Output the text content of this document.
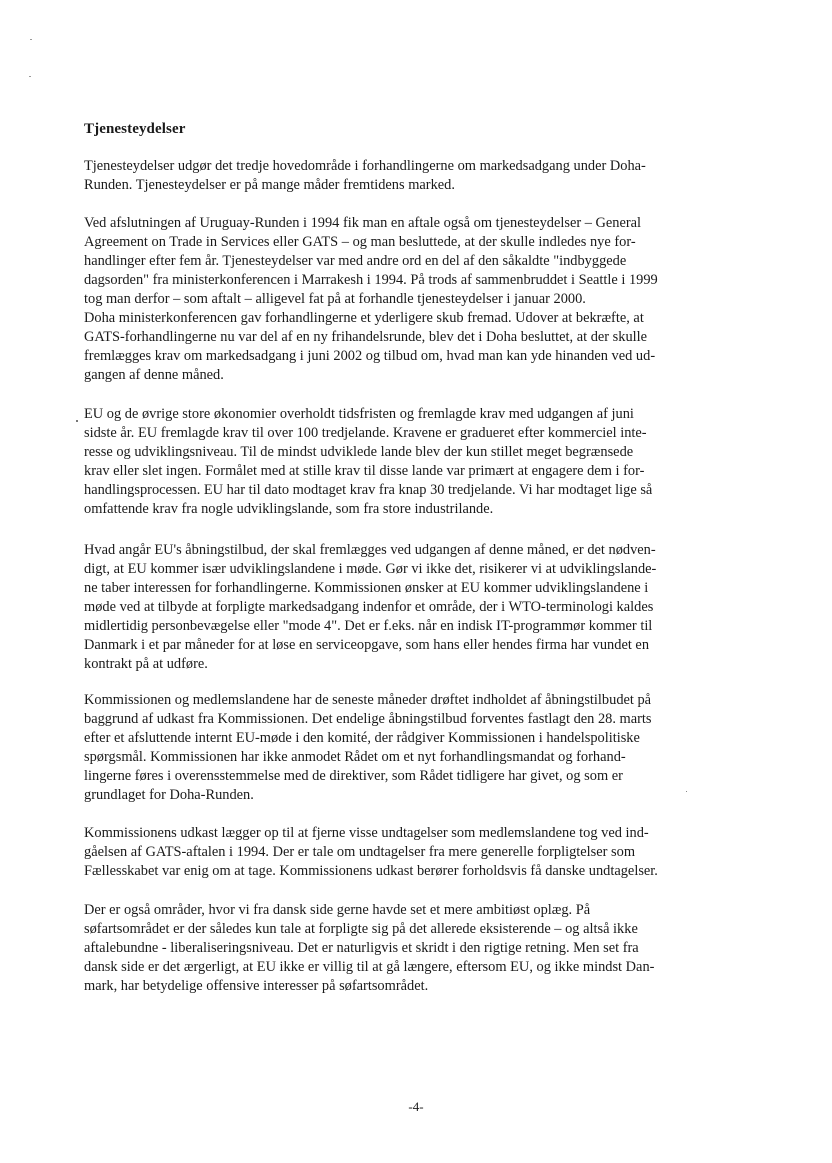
Tjenesteydelser

Tjenesteydelser udgør det tredje hovedområde i forhandlingerne om markedsadgang under Doha-
Runden. Tjenesteydelser er på mange måder fremtidens marked.

Ved afslutningen af Uruguay-Runden i 1994 fik man en aftale også om tjenesteydelser – General
Agreement on Trade in Services eller GATS – og man besluttede, at der skulle indledes nye for-
handlinger efter fem år. Tjenesteydelser var med andre ord en del af den såkaldte "indbyggede
dagsorden" fra ministerkonferencen i Marrakesh i 1994. På trods af sammenbruddet i Seattle i 1999
tog man derfor – som aftalt – alligevel fat på at forhandle tjenesteydelser i januar 2000.
Doha ministerkonferencen gav forhandlingerne et yderligere skub fremad. Udover at bekræfte, at
GATS-forhandlingerne nu var del af en ny frihandelsrunde, blev det i Doha besluttet, at der skulle
fremlægges krav om markedsadgang i juni 2002 og tilbud om, hvad man kan yde hinanden ved ud-
gangen af denne måned.

EU og de øvrige store økonomier overholdt tidsfristen og fremlagde krav med udgangen af juni
sidste år. EU fremlagde krav til over 100 tredjelande. Kravene er gradueret efter kommerciel inte-
resse og udviklingsniveau. Til de mindst udviklede lande blev der kun stillet meget begrænsede
krav eller slet ingen. Formålet med at stille krav til disse lande var primært at engagere dem i for-
handlingsprocessen. EU har til dato modtaget krav fra knap 30 tredjelande. Vi har modtaget lige så
omfattende krav fra nogle udviklingslande, som fra store industrilande.

Hvad angår EU's åbningstilbud, der skal fremlægges ved udgangen af denne måned, er det nødven-
digt, at EU kommer især udviklingslandene i møde. Gør vi ikke det, risikerer vi at udviklingslande-
ne taber interessen for forhandlingerne. Kommissionen ønsker at EU kommer udviklingslandene i
møde ved at tilbyde at forpligte markedsadgang indenfor et område, der i WTO-terminologi kaldes
midlertidig personbevægelse eller "mode 4". Det er f.eks. når en indisk IT-programmør kommer til
Danmark i et par måneder for at løse en serviceopgave, som hans eller hendes firma har vundet en
kontrakt på at udføre.

Kommissionen og medlemslandene har de seneste måneder drøftet indholdet af åbningstilbudet på
baggrund af udkast fra Kommissionen. Det endelige åbningstilbud forventes fastlagt den 28. marts
efter et afsluttende internt EU-møde i den komité, der rådgiver Kommissionen i handelspolitiske
spørgsmål. Kommissionen har ikke anmodet Rådet om et nyt forhandlingsmandat og forhand-
lingerne føres i overensstemmelse med de direktiver, som Rådet tidligere har givet, og som er
grundlaget for Doha-Runden.

Kommissionens udkast lægger op til at fjerne visse undtagelser som medlemslandene tog ved ind-
gåelsen af GATS-aftalen i 1994. Der er tale om undtagelser fra mere generelle forpligtelser som
Fællesskabet var enig om at tage. Kommissionens udkast berører forholdsvis få danske undtagelser.

Der er også områder, hvor vi fra dansk side gerne havde set et mere ambitiøst oplæg. På
søfartsområdet er der således kun tale at forpligte sig på det allerede eksisterende – og altså ikke
aftalebundne - liberaliseringsniveau. Det er naturligvis et skridt i den rigtige retning. Men set fra
dansk side er det ærgerligt, at EU ikke er villig til at gå længere, eftersom EU, og ikke mindst Dan-
mark, har betydelige offensive interesser på søfartsområdet.

-4-
